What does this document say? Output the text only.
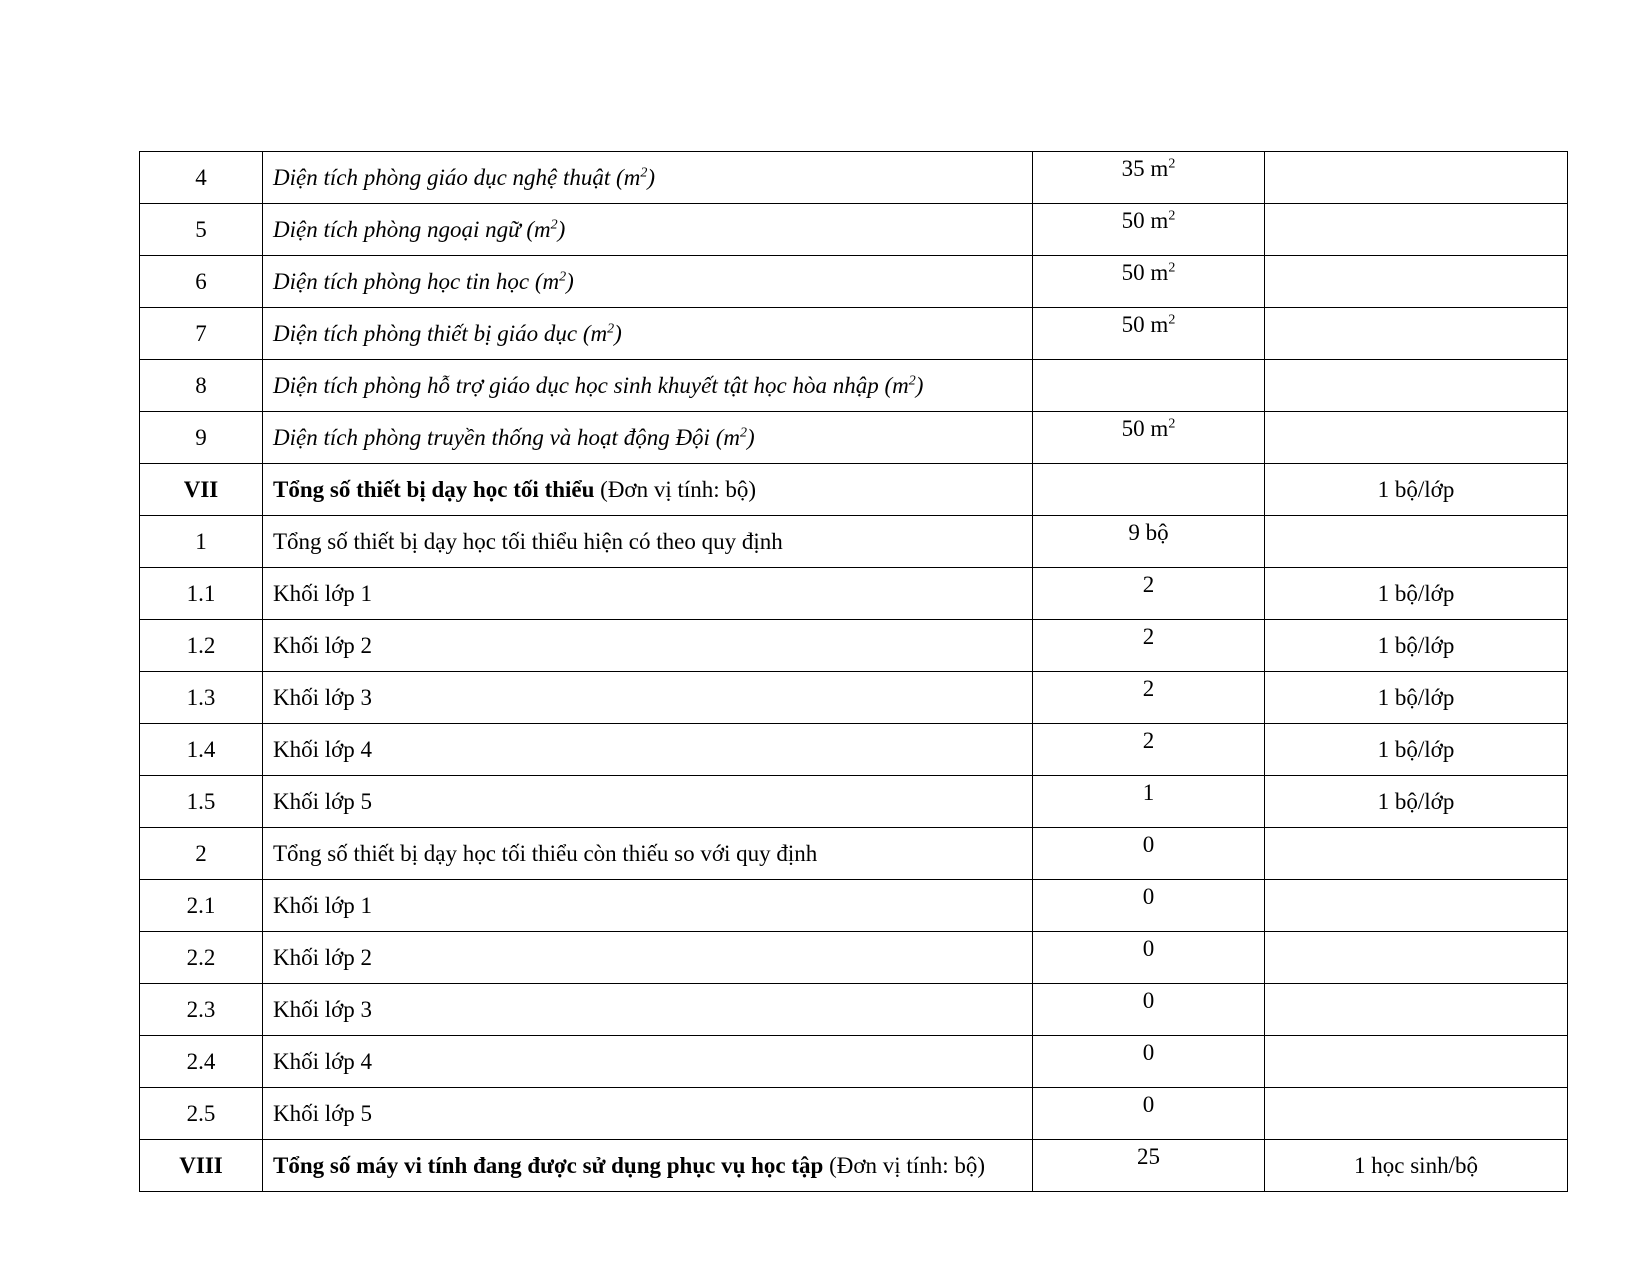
4	Diện tích phòng giáo dục nghệ thuật $(m^2)$	35 $m^2$	
5	Diện tích phòng ngoại ngữ $(m^2)$	50 $m^2$	
6	Diện tích phòng học tin học $(m^2)$	50 $m^2$	
7	Diện tích phòng thiết bị giáo dục $(m^2)$	50 $m^2$	
8	Diện tích phòng hỗ trợ giáo dục học sinh khuyết tật học hòa nhập $(m^2)$		
9	Diện tích phòng truyền thống và hoạt động Đội $(m^2)$	50 $m^2$	
VII	Tổng số thiết bị dạy học tối thiểu (Đơn vị tính: bộ)		1 bộ/lớp
1	Tổng số thiết bị dạy học tối thiểu hiện có theo quy định	9 bộ	
1.1	Khối lớp 1	2	1 bộ/lớp
1.2	Khối lớp 2	2	1 bộ/lớp
1.3	Khối lớp 3	2	1 bộ/lớp
1.4	Khối lớp 4	2	1 bộ/lớp
1.5	Khối lớp 5	1	1 bộ/lớp
2	Tổng số thiết bị dạy học tối thiểu còn thiếu so với quy định	0	
2.1	Khối lớp 1	0	
2.2	Khối lớp 2	0	
2.3	Khối lớp 3	0	
2.4	Khối lớp 4	0	
2.5	Khối lớp 5	0	
VIII	Tổng số máy vi tính đang được sử dụng phục vụ học tập (Đơn vị tính: bộ)	25	1 học sinh/bộ
